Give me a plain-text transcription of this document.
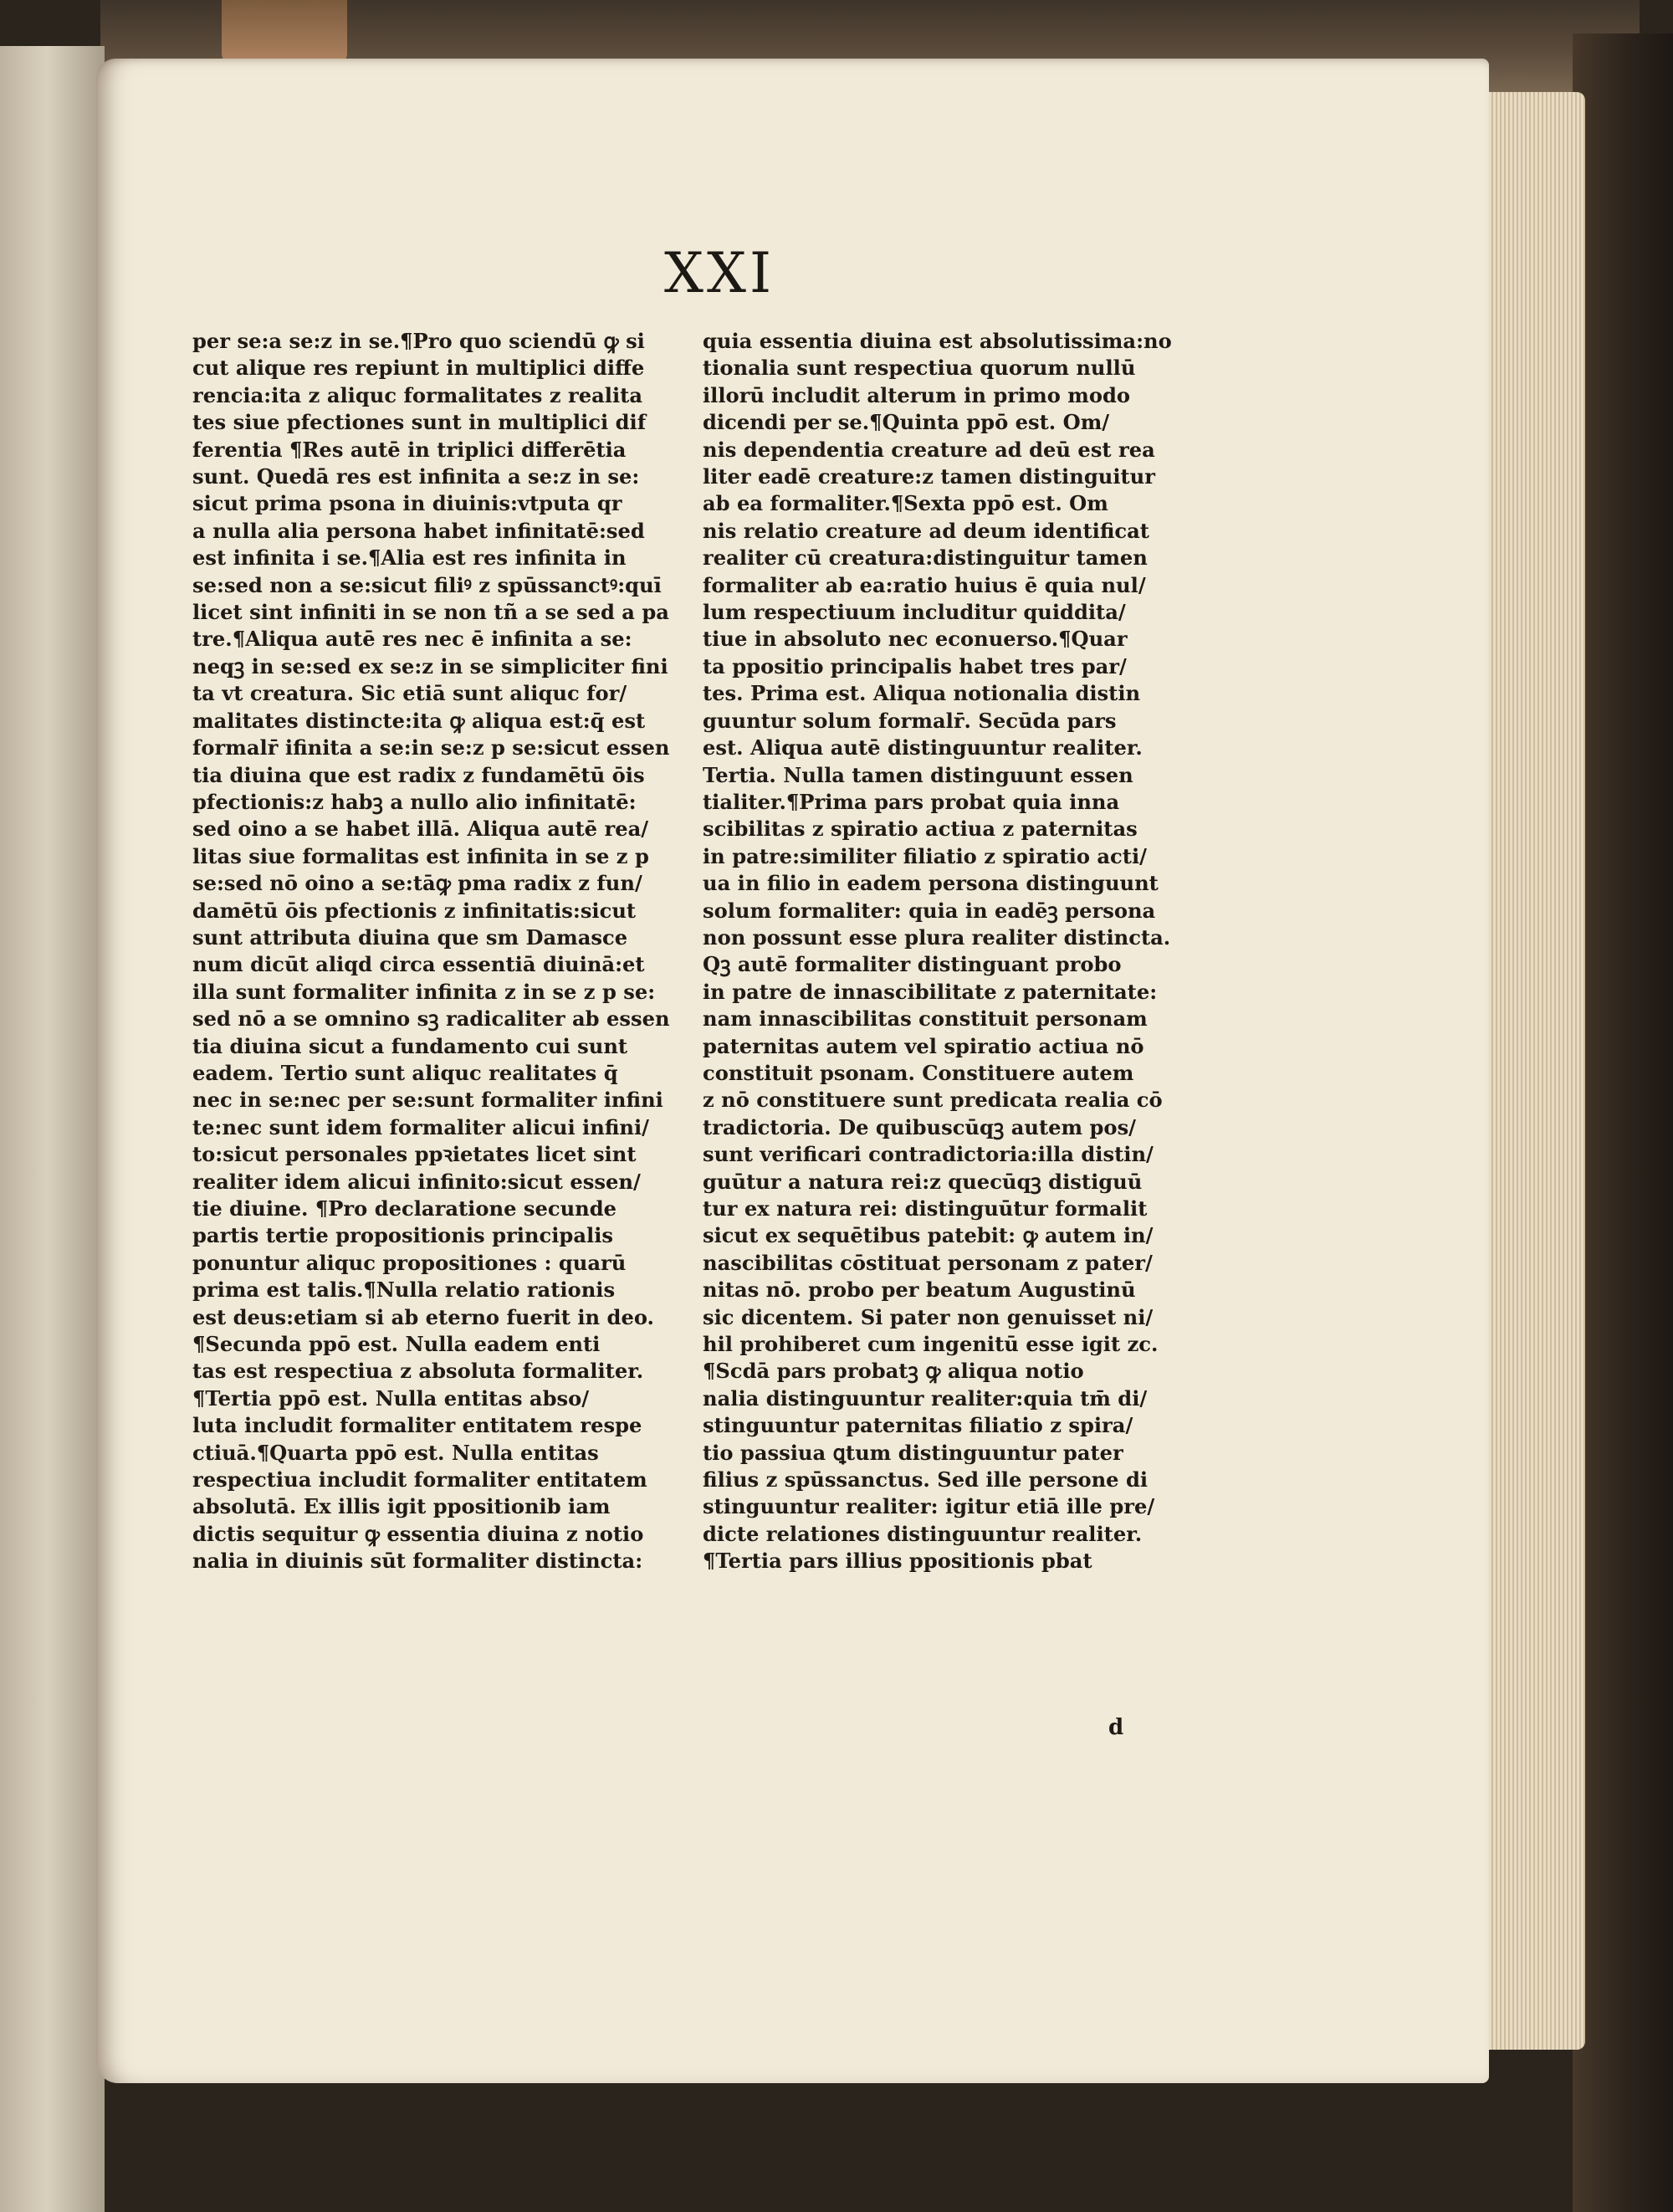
XXI
per se:a se:z in se.¶Pro quo sciendū ꝙ si
cut alique res repiunt in multiplici diffe
rencia:ita z aliquc formalitates z realita
tes siue pfectiones sunt in multiplici dif
ferentia ¶Res autē in triplici differētia
sunt. Quedā res est infinita a se:z in se:
sicut prima psona in diuinis:vtputa qr
a nulla alia persona habet infinitatē:sed
est infinita i se.¶Alia est res infinita in
se:sed non a se:sicut filiꝰ z spūssanctꝰ:quī
licet sint infiniti in se non tñ a se sed a pa
tre.¶Aliqua autē res nec ē infinita a se:
neqꝫ in se:sed ex se:z in se simpliciter fini
ta vt creatura. Sic etiā sunt aliquc for/
malitates distincte:ita ꝙ aliqua est:q̄ est
formalr̄ ifinita a se:in se:z p se:sicut essen
tia diuina que est radix z fundamētū ōis
pfectionis:z habꝫ a nullo alio infinitatē:
sed oino a se habet illā. Aliqua autē rea/
litas siue formalitas est infinita in se z p
se:sed nō oino a se:tāꝙ pma radix z fun/
damētū ōis pfectionis z infinitatis:sicut
sunt attributa diuina que sm Damasce
num dicūt aliqd circa essentiā diuinā:et
illa sunt formaliter infinita z in se z p se:
sed nō a se omnino sꝫ radicaliter ab essen
tia diuina sicut a fundamento cui sunt
eadem. Tertio sunt aliquc realitates q̄
nec in se:nec per se:sunt formaliter infini
te:nec sunt idem formaliter alicui infini/
to:sicut personales ppꝛietates licet sint
realiter idem alicui infinito:sicut essen/
tie diuine. ¶Pro declaratione secunde
partis tertie propositionis principalis
ponuntur aliquc propositiones : quarū
prima est talis.¶Nulla relatio rationis
est deus:etiam si ab eterno fuerit in deo.
¶Secunda ppō est. Nulla eadem enti
tas est respectiua z absoluta formaliter.
¶Tertia ppō est. Nulla entitas abso/
luta includit formaliter entitatem respe
ctiuā.¶Quarta ppō est. Nulla entitas
respectiua includit formaliter entitatem
absolutā. Ex illis igit ppositionib iam
dictis sequitur ꝙ essentia diuina z notio
nalia in diuinis sūt formaliter distincta:
quia essentia diuina est absolutissima:no
tionalia sunt respectiua quorum nullū
illorū includit alterum in primo modo
dicendi per se.¶Quinta ppō est. Om/
nis dependentia creature ad deū est rea
liter eadē creature:z tamen distinguitur
ab ea formaliter.¶Sexta ppō est. Om
nis relatio creature ad deum identificat
realiter cū creatura:distinguitur tamen
formaliter ab ea:ratio huius ē quia nul/
lum respectiuum includitur quiddita/
tiue in absoluto nec econuerso.¶Quar
ta ppositio principalis habet tres par/
tes. Prima est. Aliqua notionalia distin
guuntur solum formalr̄. Secūda pars
est. Aliqua autē distinguuntur realiter.
Tertia. Nulla tamen distinguunt essen
tialiter.¶Prima pars probat quia inna
scibilitas z spiratio actiua z paternitas
in patre:similiter filiatio z spiratio acti/
ua in filio in eadem persona distinguunt
solum formaliter: quia in eadēꝫ persona
non possunt esse plura realiter distincta.
Qꝫ autē formaliter distinguant probo
in patre de innascibilitate z paternitate:
nam innascibilitas constituit personam
paternitas autem vel spiratio actiua nō
constituit psonam. Constituere autem
z nō constituere sunt predicata realia cō
tradictoria. De quibuscūqꝫ autem pos/
sunt verificari contradictoria:illa distin/
guūtur a natura rei:z quecūqꝫ distiguū
tur ex natura rei: distinguūtur formalit
sicut ex sequētibus patebit: ꝙ autem in/
nascibilitas cōstituat personam z pater/
nitas nō. probo per beatum Augustinū
sic dicentem. Si pater non genuisset ni/
hil prohiberet cum ingenitū esse igit zc.
¶Scdā pars probatꝫ ꝙ aliqua notio
nalia distinguuntur realiter:quia tm̄ di/
stinguuntur paternitas filiatio z spira/
tio passiua ꝗtum distinguuntur pater
filius z spūssanctus. Sed ille persone di
stinguuntur realiter: igitur etiā ille pre/
dicte relationes distinguuntur realiter.
¶Tertia pars illius ppositionis pbat
d
